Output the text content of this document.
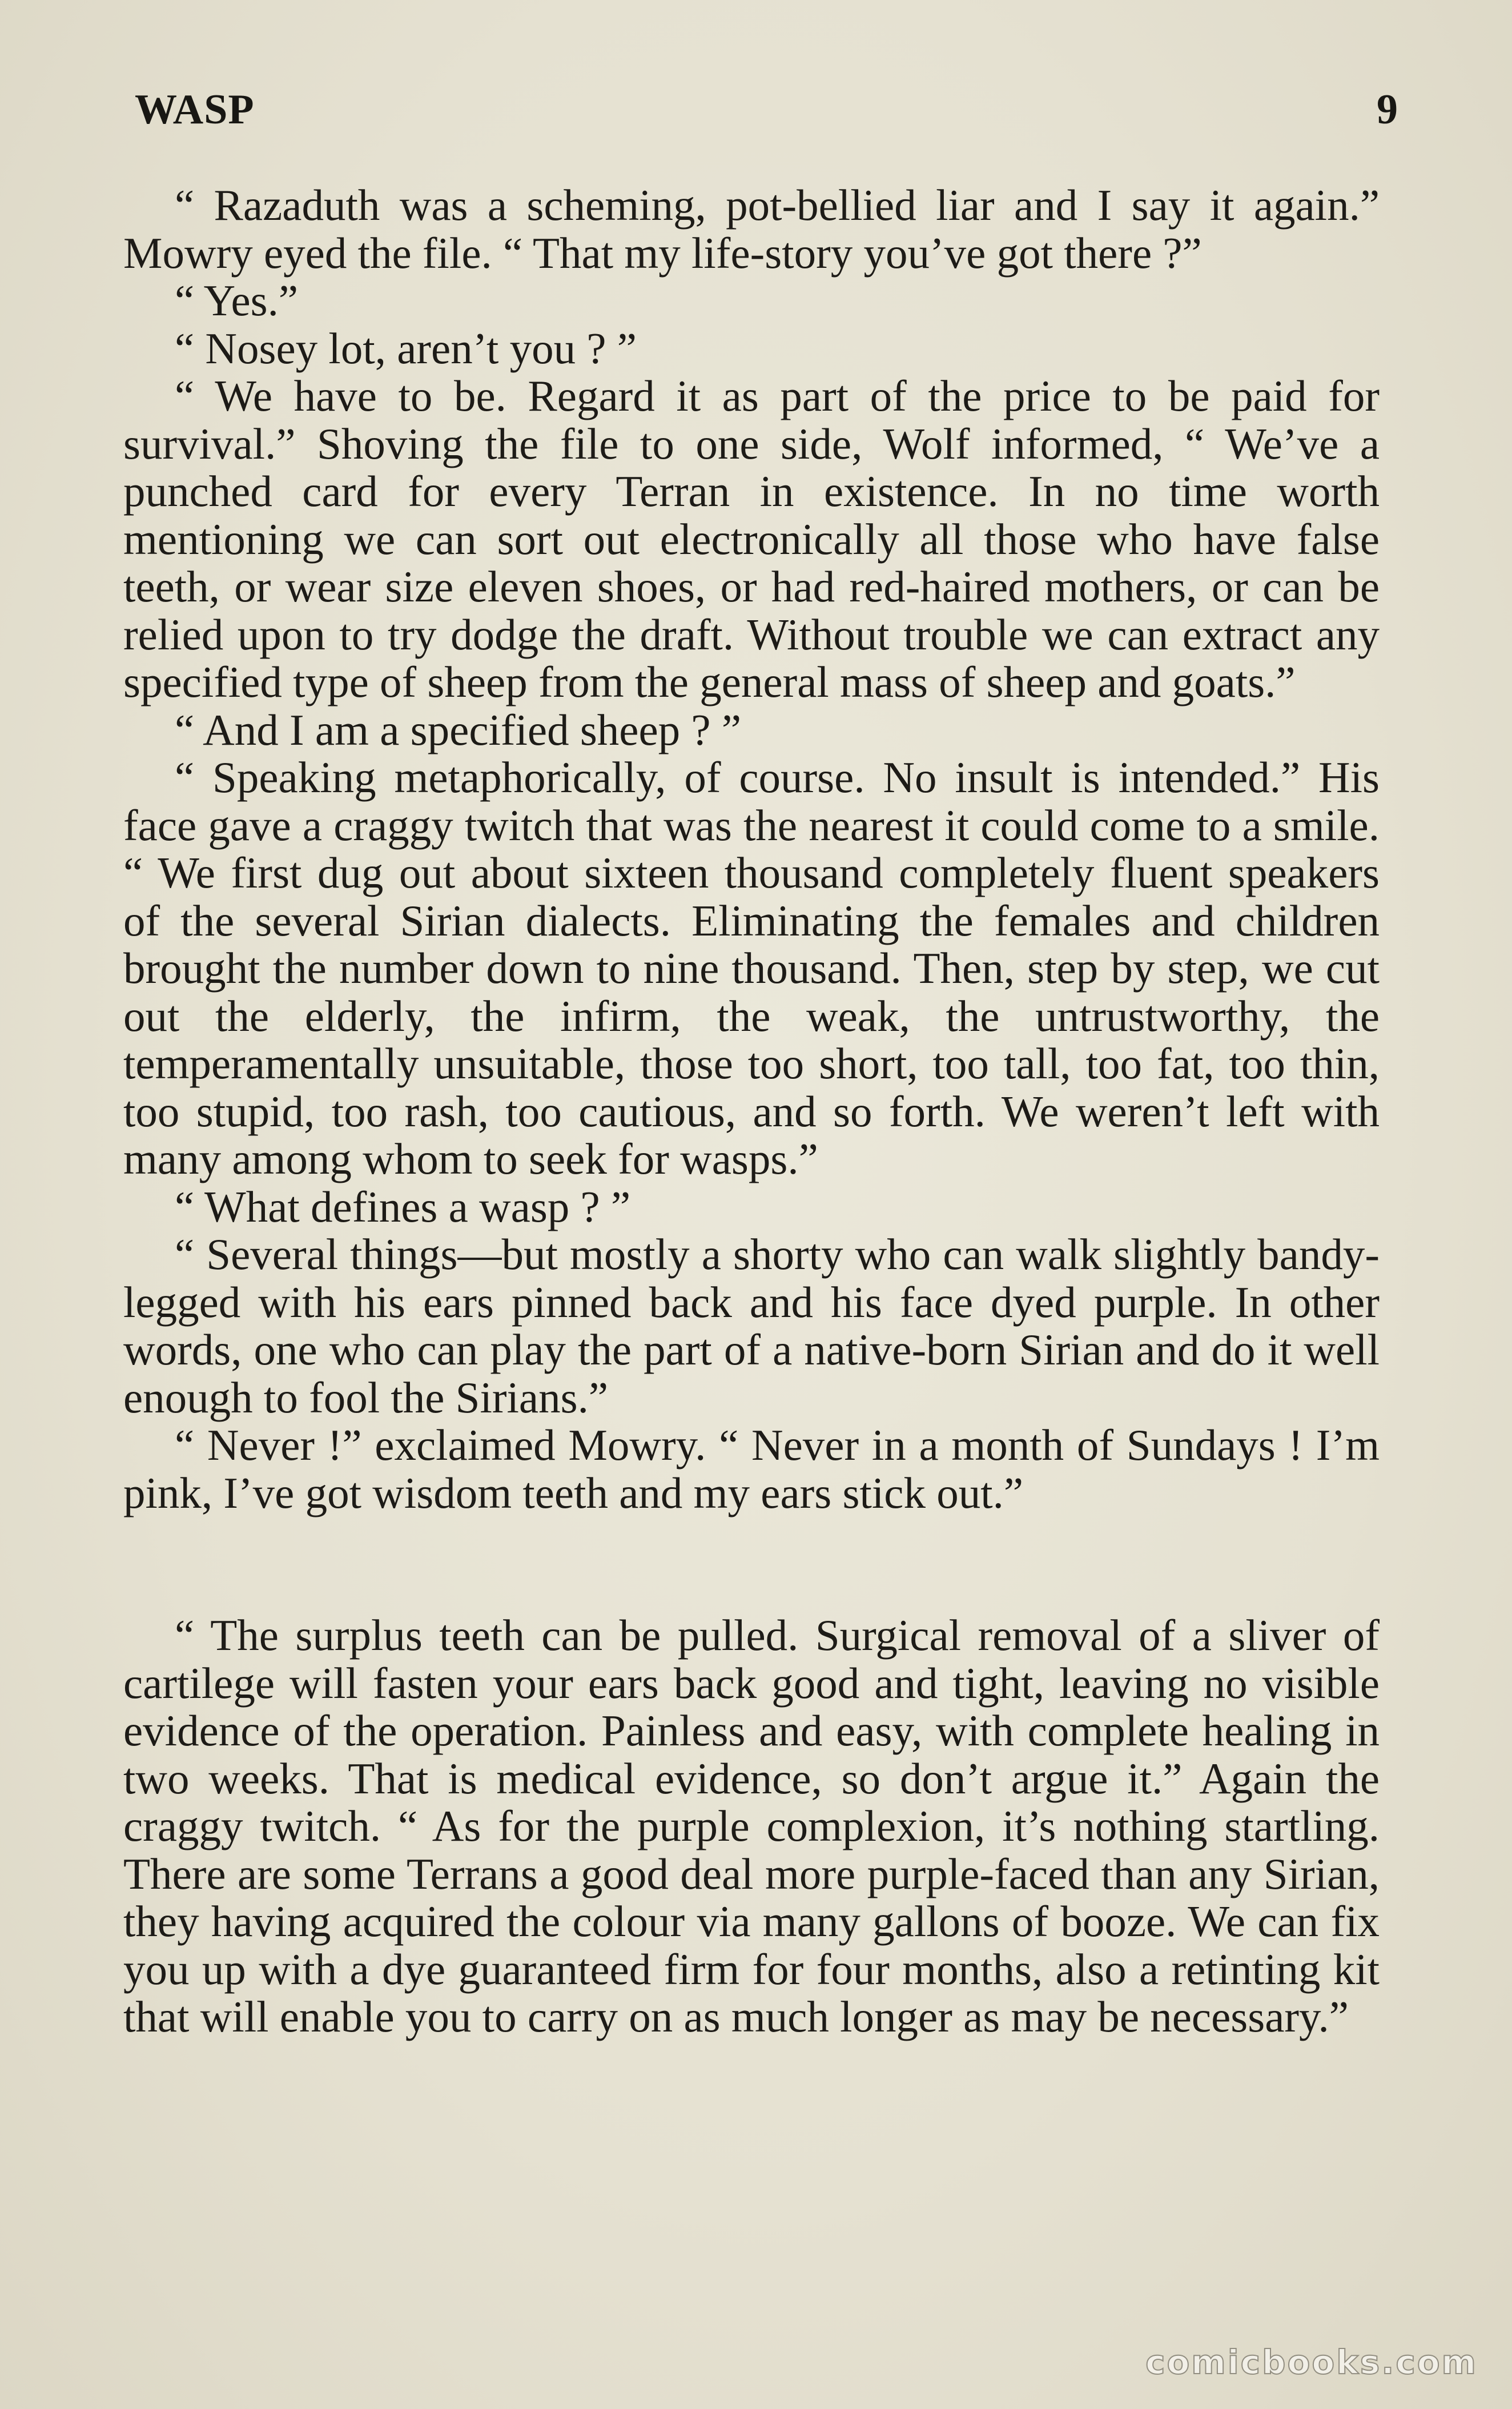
WASP	9

“ Razaduth was a scheming, pot-bellied liar and I say it again.” Mowry eyed the file. “ That my life-story you’ve got there ?”

“ Yes.”

“ Nosey lot, aren’t you ? ”

“ We have to be. Regard it as part of the price to be paid for survival.” Shoving the file to one side, Wolf informed, “ We’ve a punched card for every Terran in existence. In no time worth mentioning we can sort out electronically all those who have false teeth, or wear size eleven shoes, or had red-haired mothers, or can be relied upon to try dodge the draft. Without trouble we can extract any specified type of sheep from the general mass of sheep and goats.”

“ And I am a specified sheep ? ”

“ Speaking metaphorically, of course. No insult is intended.” His face gave a craggy twitch that was the nearest it could come to a smile. “ We first dug out about sixteen thousand completely fluent speakers of the several Sirian dialects. Eliminating the females and children brought the number down to nine thousand. Then, step by step, we cut out the elderly, the infirm, the weak, the untrustworthy, the temperamentally unsuitable, those too short, too tall, too fat, too thin, too stupid, too rash, too cautious, and so forth. We weren’t left with many among whom to seek for wasps.”

“ What defines a wasp ? ”

“ Several things—but mostly a shorty who can walk slightly bandy-legged with his ears pinned back and his face dyed purple. In other words, one who can play the part of a native-born Sirian and do it well enough to fool the Sirians.”

“ Never !” exclaimed Mowry. “ Never in a month of Sundays ! I’m pink, I’ve got wisdom teeth and my ears stick out.”

“ The surplus teeth can be pulled. Surgical removal of a sliver of cartilege will fasten your ears back good and tight, leaving no visible evidence of the operation. Painless and easy, with complete healing in two weeks. That is medical evidence, so don’t argue it.” Again the craggy twitch. “ As for the purple complexion, it’s nothing startling. There are some Terrans a good deal more purple-faced than any Sirian, they having acquired the colour via many gallons of booze. We can fix you up with a dye guaranteed firm for four months, also a retinting kit that will enable you to carry on as much longer as may be necessary.”

comicbooks.com
